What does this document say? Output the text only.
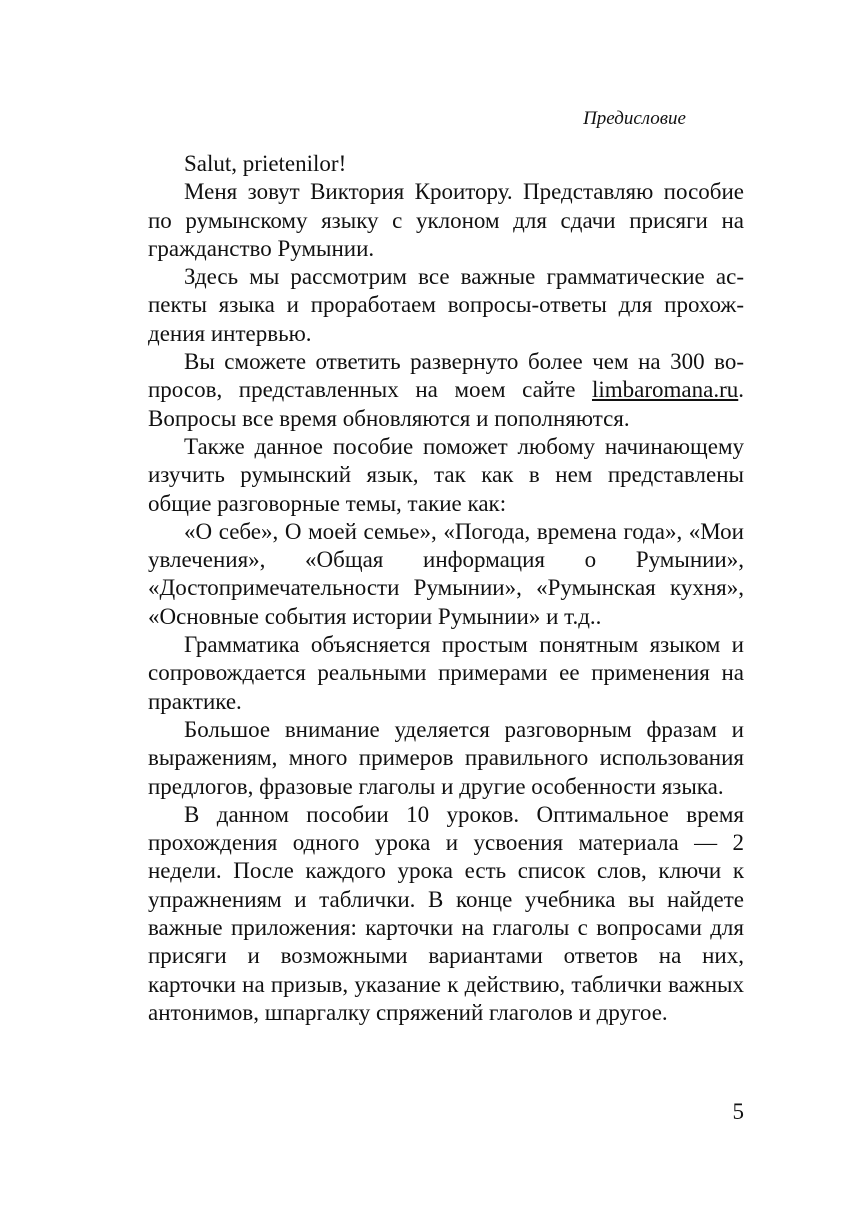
Предисловие

Salut, prietenilor!

Меня зовут Виктория Кроитору. Представляю пособие по румынскому языку с уклоном для сдачи присяги на гражданство Румынии.

Здесь мы рассмотрим все важные грамматические аспекты языка и проработаем вопросы-ответы для прохождения интервью.

Вы сможете ответить развернуто более чем на 300 вопросов, представленных на моем сайте limbaromana.ru. Вопросы все время обновляются и пополняются.

Также данное пособие поможет любому начинающему изучить румынский язык, так как в нем представлены общие разговорные темы, такие как:

«О себе», О моей семье», «Погода, времена года», «Мои увлечения», «Общая информация о Румынии», «Достопримечательности Румынии», «Румынская кухня», «Основные события истории Румынии» и т.д..

Грамматика объясняется простым понятным языком и сопровождается реальными примерами ее применения на практике.

Большое внимание уделяется разговорным фразам и выражениям, много примеров правильного использования предлогов, фразовые глаголы и другие особенности языка.

В данном пособии 10 уроков. Оптимальное время прохождения одного урока и усвоения материала — 2 недели. После каждого урока есть список слов, ключи к упражнениям и таблички. В конце учебника вы найдете важные приложения: карточки на глаголы с вопросами для присяги и возможными вариантами ответов на них, карточки на призыв, указание к действию, таблички важных антонимов, шпаргалку спряжений глаголов и другое.

5
